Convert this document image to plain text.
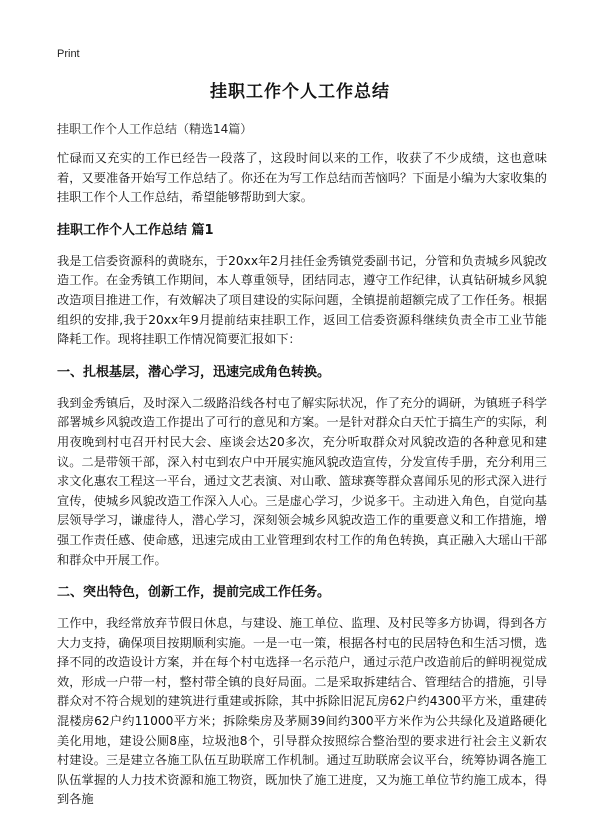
Print
挂职工作个人工作总结
挂职工作个人工作总结（精选14篇）

忙碌而又充实的工作已经告一段落了，这段时间以来的工作，收获了不少成绩，这也意味着，又要准备开始写工作总结了。你还在为写工作总结而苦恼吗？下面是小编为大家收集的挂职工作个人工作总结，希望能够帮助到大家。

挂职工作个人工作总结 篇1

我是工信委资源科的黄晓东，于20xx年2月挂任金秀镇党委副书记，分管和负责城乡风貌改造工作。在金秀镇工作期间，本人尊重领导，团结同志，遵守工作纪律，认真钻研城乡风貌改造项目推进工作，有效解决了项目建设的实际问题，全镇提前超额完成了工作任务。根据组织的安排,我于20xx年9月提前结束挂职工作，返回工信委资源科继续负责全市工业节能降耗工作。现将挂职工作情况简要汇报如下：

一、扎根基层，潜心学习，迅速完成角色转换。

我到金秀镇后，及时深入二级路沿线各村屯了解实际状况，作了充分的调研，为镇班子科学部署城乡风貌改造工作提出了可行的意见和方案。一是针对群众白天忙于搞生产的实际，利用夜晚到村屯召开村民大会、座谈会达20多次，充分听取群众对风貌改造的各种意见和建议。二是带领干部，深入村屯到农户中开展实施风貌改造宣传，分发宣传手册，充分利用三求文化惠农工程这一平台，通过文艺表演、对山歌、篮球赛等群众喜闻乐见的形式深入进行宣传，使城乡风貌改造工作深入人心。三是虚心学习，少说多干。主动进入角色，自觉向基层领导学习，谦虚待人，潜心学习，深刻领会城乡风貌改造工作的重要意义和工作措施，增强工作责任感、使命感，迅速完成由工业管理到农村工作的角色转换，真正融入大瑶山干部和群众中开展工作。

二、突出特色，创新工作，提前完成工作任务。

工作中，我经常放弃节假日休息，与建设、施工单位、监理、及村民等多方协调，得到各方大力支持，确保项目按期顺利实施。一是一屯一策，根据各村屯的民居特色和生活习惯，选择不同的改造设计方案，并在每个村屯选择一名示范户，通过示范户改造前后的鲜明视觉成效，形成一户带一村，整村带全镇的良好局面。二是采取拆建结合、管理结合的措施，引导群众对不符合规划的建筑进行重建或拆除，其中拆除旧泥瓦房62户约4300平方米，重建砖混楼房62户约11000平方米；拆除柴房及茅厕39间约300平方米作为公共绿化及道路硬化美化用地，建设公厕8座，垃圾池8个，引导群众按照综合整治型的要求进行社会主义新农村建设。三是建立各施工队伍互助联席工作机制。通过互助联席会议平台，统筹协调各施工队伍掌握的人力技术资源和施工物资，既加快了施工进度，又为施工单位节约施工成本，得到各施
